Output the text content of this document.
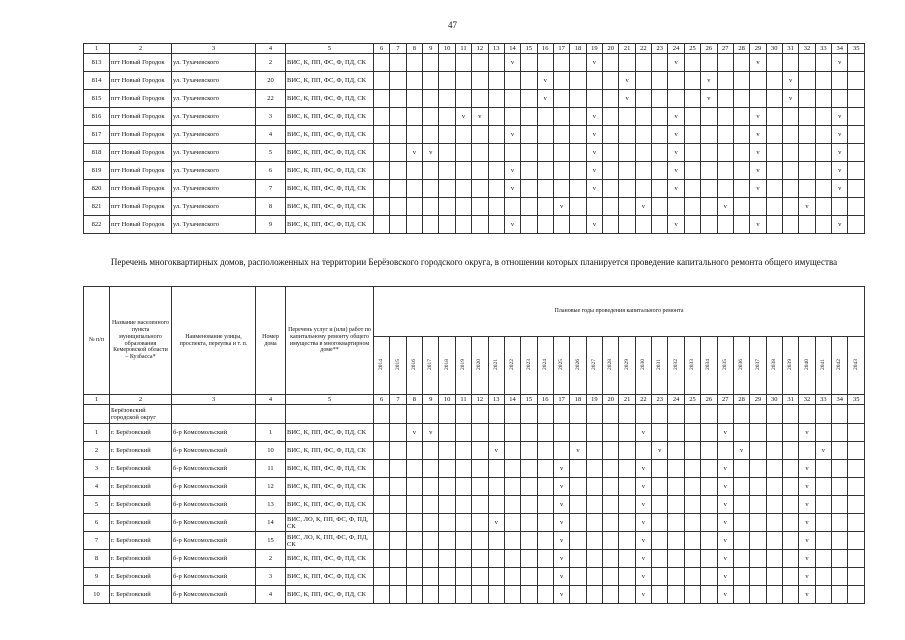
47
1	2	3	4	5	6	7	8	9	10	11	12	13	14	15	16	17	18	19	20	21	22	23	24	25	26	27	28	29	30	31	32	33	34	35
813	пгт Новый Городок	ул. Тухачевского	2	ВИС, К, ПП, ФС, Ф, ПД, СК									v					v					v					v					v	
814	пгт Новый Городок	ул. Тухачевского	20	ВИС, К, ПП, ФС, Ф, ПД, СК											v					v					v					v				
815	пгт Новый Городок	ул. Тухачевского	22	ВИС, К, ПП, ФС, Ф, ПД, СК											v					v					v					v				
816	пгт Новый Городок	ул. Тухачевского	3	ВИС, К, ПП, ФС, Ф, ПД, СК						v	v							v					v					v					v	
817	пгт Новый Городок	ул. Тухачевского	4	ВИС, К, ПП, ФС, Ф, ПД, СК									v					v					v					v					v	
818	пгт Новый Городок	ул. Тухачевского	5	ВИС, К, ПП, ФС, Ф, ПД, СК			v	v										v					v					v					v	
819	пгт Новый Городок	ул. Тухачевского	6	ВИС, К, ПП, ФС, Ф, ПД, СК									v					v					v					v					v	
820	пгт Новый Городок	ул. Тухачевского	7	ВИС, К, ПП, ФС, Ф, ПД, СК									v					v					v					v					v	
821	пгт Новый Городок	ул. Тухачевского	8	ВИС, К, ПП, ФС, Ф, ПД, СК												v					v					v					v			
822	пгт Новый Городок	ул. Тухачевского	9	ВИС, К, ПП, ФС, Ф, ПД, СК									v					v					v					v					v	
Перечень многоквартирных домов, расположенных на территории Берёзовского городского округа, в отношении которых планируется проведение капитального ремонта общего имущества
№ п/п	Название населенного пункта муниципального образования Кемеровской области – Кузбасса*	Наименование улицы, проспекта, переулка и т. п.	Номер дома	Перечень услуг и (или) работ по капитальному ремонту общего имущества в многоквартирном доме**	Плановые годы проведения капитального ремонта																													
					2014	2015	2016	2017	2018	2019	2020	2021	2022	2023	2024	2025	2026	2027	2028	2029	2030	2031	2032	2033	2034	2035	2036	2037	2038	2039	2040	2041	2042	2043
1	2	3	4	5	6	7	8	9	10	11	12	13	14	15	16	17	18	19	20	21	22	23	24	25	26	27	28	29	30	31	32	33	34	35
	Берёзовский городской округ																																	
1	г. Берёзовский	б-р Комсомольский	1	ВИС, К, ПП, ФС, Ф, ПД, СК			v	v													v					v					v			
2	г. Берёзовский	б-р Комсомольский	10	ВИС, К, ПП, ФС, Ф, ПД, СК								v					v					v					v					v		
3	г. Берёзовский	б-р Комсомольский	11	ВИС, К, ПП, ФС, Ф, ПД, СК												v					v					v					v			
4	г. Берёзовский	б-р Комсомольский	12	ВИС, К, ПП, ФС, Ф, ПД, СК												v					v					v					v			
5	г. Берёзовский	б-р Комсомольский	13	ВИС, К, ПП, ФС, Ф, ПД, СК												v					v					v					v			
6	г. Берёзовский	б-р Комсомольский	14	ВИС, ЛО, К, ПП, ФС, Ф, ПД, СК								v				v					v					v					v			
7	г. Берёзовский	б-р Комсомольский	15	ВИС, ЛО, К, ПП, ФС, Ф, ПД, СК												v					v					v					v			
8	г. Берёзовский	б-р Комсомольский	2	ВИС, К, ПП, ФС, Ф, ПД, СК												v					v					v					v			
9	г. Берёзовский	б-р Комсомольский	3	ВИС, К, ПП, ФС, Ф, ПД, СК												v					v					v					v			
10	г. Берёзовский	б-р Комсомольский	4	ВИС, К, ПП, ФС, Ф, ПД, СК												v					v					v					v			
